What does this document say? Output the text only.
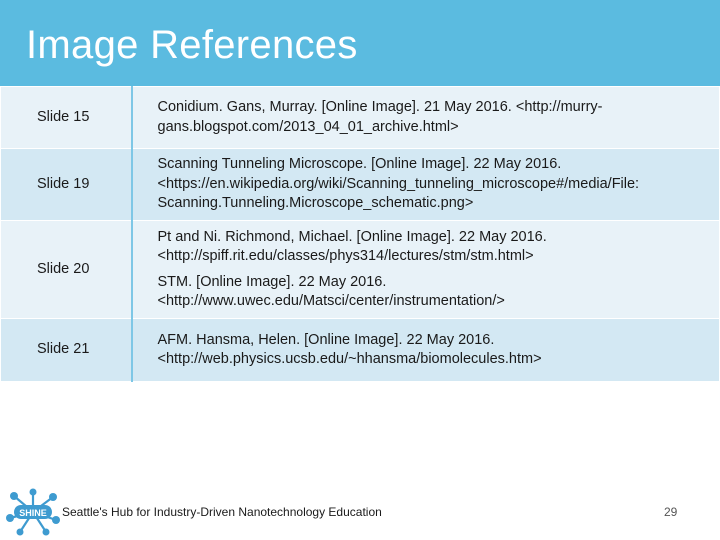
Image References
Slide 15	Conidium. Gans, Murray. [Online Image]. 21 May 2016. <http://murry-
gans.blogspot.com/2013_04_01_archive.html>

Slide 19	Scanning Tunneling Microscope. [Online Image]. 22 May 2016.
<https://en.wikipedia.org/wiki/Scanning_tunneling_microscope#/media/File:
Scanning.Tunneling.Microscope_schematic.png>

Slide 20	Pt and Ni. Richmond, Michael. [Online Image]. 22 May 2016.
<http://spiff.rit.edu/classes/phys314/lectures/stm/stm.html>

STM. [Online Image]. 22 May 2016.
<http://www.uwec.edu/Matsci/center/instrumentation/>

Slide 21	AFM. Hansma, Helen. [Online Image]. 22 May 2016.
<http://web.physics.ucsb.edu/~hhansma/biomolecules.htm>

SHINE Seattle's Hub for Industry-Driven Nanotechnology Education	29
